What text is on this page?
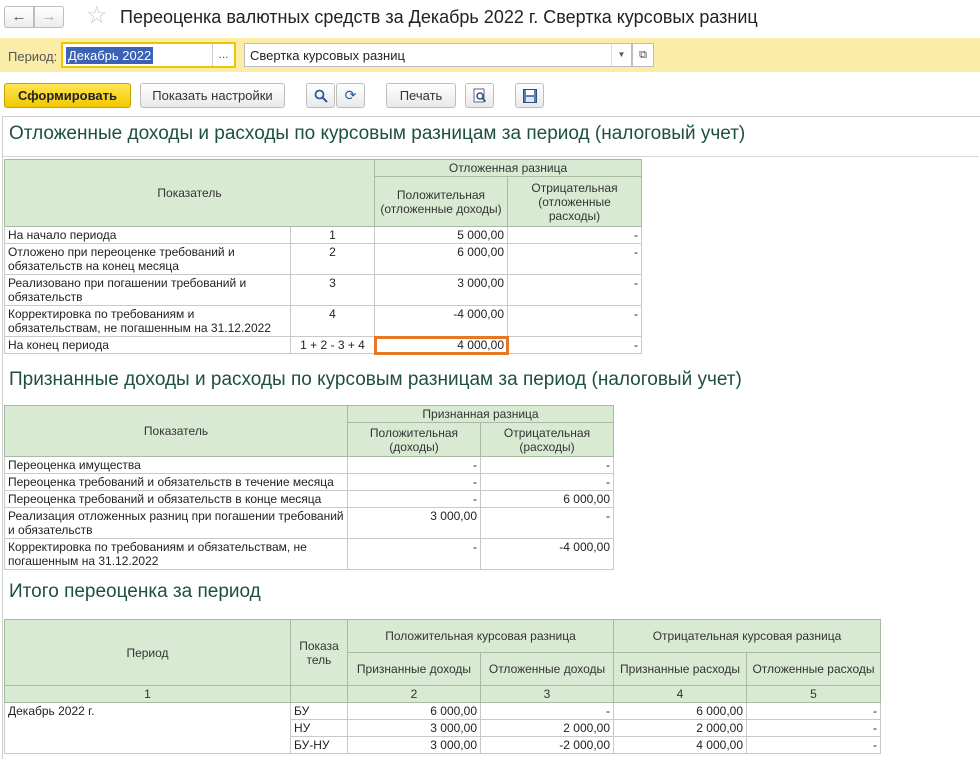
←	→	☆ Переоценка валютных средств за Декабрь 2022 г. Свертка курсовых разниц
Период: Декабрь 2022	...	Свертка курсовых разниц	▼	⧉
Сформировать	Показать настройки	⟳	Печать
Отложенные доходы и расходы по курсовым разницам за период (налоговый учет)
Показатель		Отложенная разница	
		Положительная (отложенные доходы)	Отрицательная (отложенные расходы)
На начало периода	1	5 000,00	-
Отложено при переоценке требований и обязательств на конец месяца	2	6 000,00	-
Реализовано при погашении требований и обязательств	3	3 000,00	-
Корректировка по требованиям и обязательствам, не погашенным на 31.12.2022	4	-4 000,00	-
На конец периода	1 + 2 - 3 + 4	4 000,00	-
Признанные доходы и расходы по курсовым разницам за период (налоговый учет)
Показатель	Признанная разница	
	Положительная (доходы)	Отрицательная (расходы)
Переоценка имущества	-	-
Переоценка требований и обязательств в течение месяца	-	-
Переоценка требований и обязательств в конце месяца	-	6 000,00
Реализация отложенных разниц при погашении требований и обязательств	3 000,00	-
Корректировка по требованиям и обязательствам, не погашенным на 31.12.2022	-	-4 000,00
Итого переоценка за период
Период	Показа тель	Положительная курсовая разница		Отрицательная курсовая разница	
		Признанные доходы	Отложенные доходы	Признанные расходы	Отложенные расходы
1		2	3	4	5
Декабрь 2022 г.	БУ	6 000,00	-	6 000,00	-
	НУ	3 000,00	2 000,00	2 000,00	-
	БУ-НУ	3 000,00	-2 000,00	4 000,00	-
